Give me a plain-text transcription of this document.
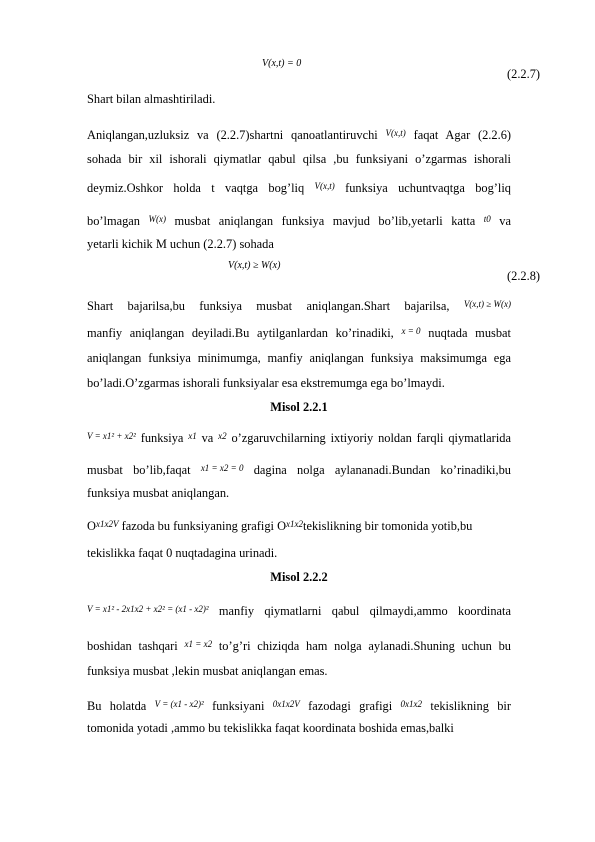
V(x,t) = 0
(2.2.7)
Shart bilan almashtiriladi.
Aniqlangan,uzluksiz va (2.2.7)shartni qanoatlantiruvchi V(x,t) faqat Agar (2.2.6)
sohada bir xil ishorali qiymatlar qabul qilsa ,bu funksiyani o’zgarmas ishorali
deymiz.Oshkor holda t vaqtga bog’liq V(x,t) funksiya uchuntvaqtga bog’liq
bo’lmagan W(x) musbat aniqlangan funksiya mavjud bo’lib,yetarli katta t0 va
yetarli kichik M uchun (2.2.7) sohada
V(x,t) ≥ W(x)
(2.2.8)
Shart bajarilsa,bu funksiya musbat aniqlangan.Shart bajarilsa, V(x,t) ≥ W(x)
manfiy aniqlangan deyiladi.Bu aytilganlardan ko’rinadiki, x = 0 nuqtada musbat
aniqlangan funksiya minimumga, manfiy aniqlangan funksiya maksimumga ega
bo’ladi.O’zgarmas ishorali funksiyalar esa ekstremumga ega bo’lmaydi.
Misol 2.2.1
V = x1² + x2² funksiya x1 va x2 o’zgaruvchilarning ixtiyoriy noldan farqli qiymatlarida
musbat bo’lib,faqat x1 = x2 = 0 dagina nolga aylananadi.Bundan ko’rinadiki,bu
funksiya musbat aniqlangan.
Ox1x2V fazoda bu funksiyaning grafigi Ox1x2tekislikning bir tomonida yotib,bu
tekislikka faqat 0 nuqtadagina urinadi.
Misol 2.2.2
V = x1² - 2x1x2 + x2² = (x1 - x2)² manfiy qiymatlarni qabul qilmaydi,ammo koordinata
boshidan tashqari x1 = x2 to’g’ri chiziqda ham nolga aylanadi.Shuning uchun bu
funksiya musbat ,lekin musbat aniqlangan emas.
Bu holatda V = (x1 - x2)² funksiyani 0x1x2V fazodagi grafigi 0x1x2 tekislikning bir
tomonida yotadi ,ammo bu tekislikka faqat koordinata boshida emas,balki
